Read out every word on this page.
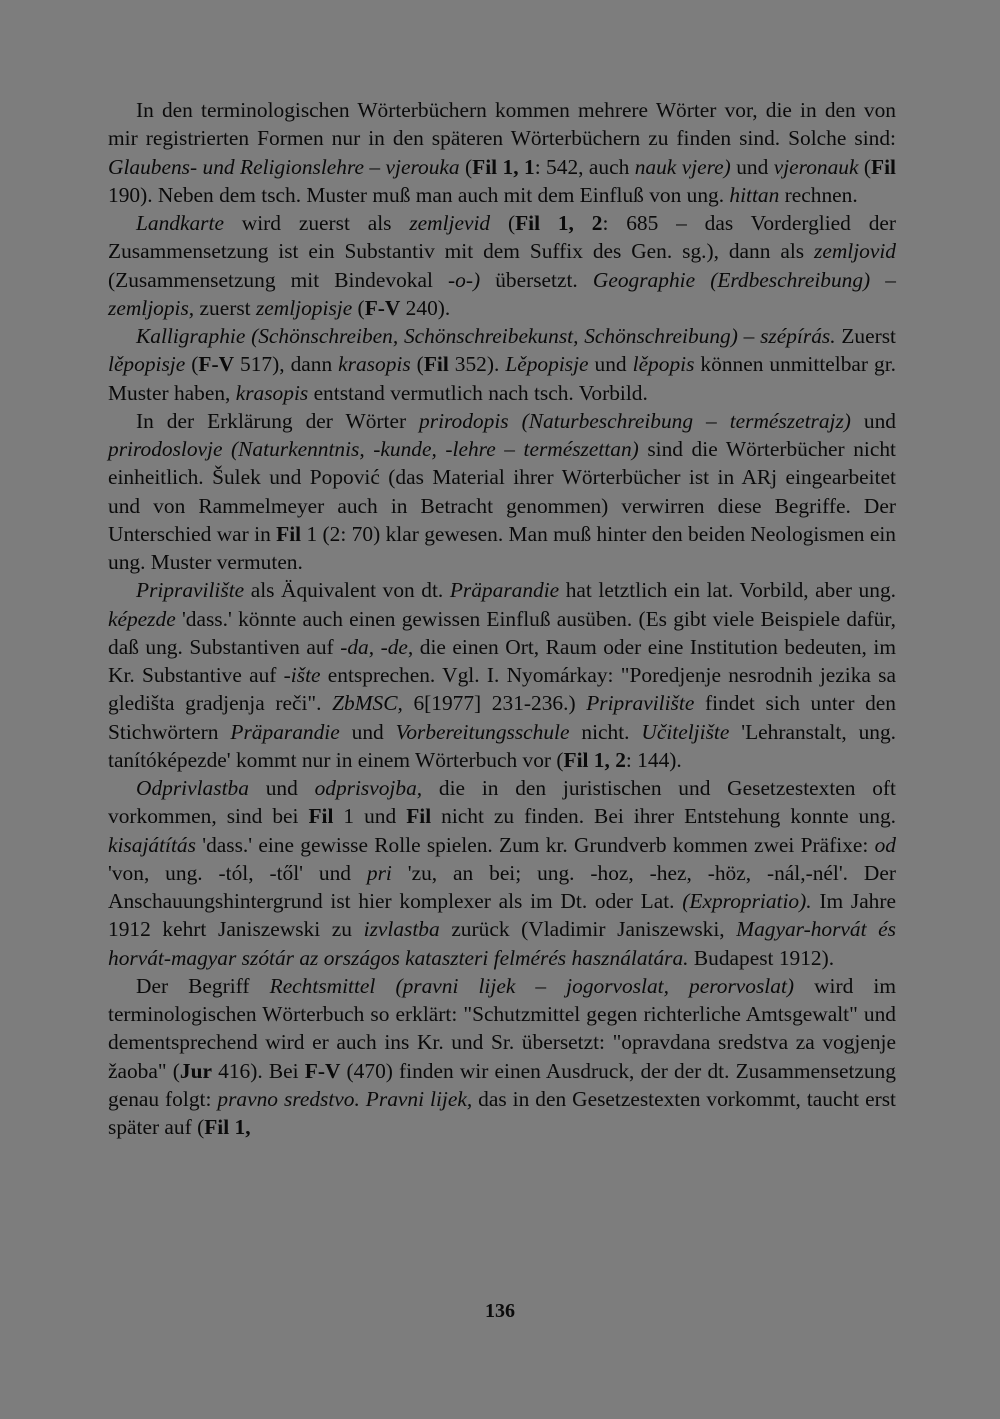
In den terminologischen Wörterbüchern kommen mehrere Wörter vor, die in den von mir registrierten Formen nur in den späteren Wörterbüchern zu finden sind. Solche sind: Glaubens- und Religionslehre – vjerouka (Fil 1, 1: 542, auch nauk vjere) und vjeronauk (Fil 190). Neben dem tsch. Muster muß man auch mit dem Einfluß von ung. hittan rechnen.

Landkarte wird zuerst als zemljevid (Fil 1, 2: 685 – das Vorderglied der Zusammensetzung ist ein Substantiv mit dem Suffix des Gen. sg.), dann als zemljovid (Zusammensetzung mit Bindevokal -o-) übersetzt. Geographie (Erdbeschreibung) – zemljopis, zuerst zemljopisje (F-V 240).

Kalligraphie (Schönschreiben, Schönschreibekunst, Schönschreibung) – szépírás. Zuerst lěpopisje (F-V 517), dann krasopis (Fil 352). Lěpopisje und lěpopis können unmittelbar gr. Muster haben, krasopis entstand vermutlich nach tsch. Vorbild.

In der Erklärung der Wörter prirodopis (Naturbeschreibung – természetrajz) und prirodoslovje (Naturkenntnis, -kunde, -lehre – természettan) sind die Wörterbücher nicht einheitlich. Šulek und Popović (das Material ihrer Wörterbücher ist in ARj eingearbeitet und von Rammelmeyer auch in Betracht genommen) verwirren diese Begriffe. Der Unterschied war in Fil 1 (2: 70) klar gewesen. Man muß hinter den beiden Neologismen ein ung. Muster vermuten.

Pripravilište als Äquivalent von dt. Präparandie hat letztlich ein lat. Vorbild, aber ung. képezde 'dass.' könnte auch einen gewissen Einfluß ausüben. (Es gibt viele Beispiele dafür, daß ung. Substantiven auf -da, -de, die einen Ort, Raum oder eine Institution bedeuten, im Kr. Substantive auf -ište entsprechen. Vgl. I. Nyomárkay: "Poredjenje nesrodnih jezika sa gledišta gradjenja reči". ZbMSC, 6[1977] 231-236.) Pripravilište findet sich unter den Stichwörtern Präparandie und Vorbereitungsschule nicht. Učiteljište 'Lehranstalt, ung. tanítóképezde' kommt nur in einem Wörterbuch vor (Fil 1, 2: 144).

Odprivlastba und odprisvojba, die in den juristischen und Gesetzestexten oft vorkommen, sind bei Fil 1 und Fil nicht zu finden. Bei ihrer Entstehung konnte ung. kisajátítás 'dass.' eine gewisse Rolle spielen. Zum kr. Grundverb kommen zwei Präfixe: od 'von, ung. -tól, -től' und pri 'zu, an bei; ung. -hoz, -hez, -höz, -nál,-nél'. Der Anschauungshintergrund ist hier komplexer als im Dt. oder Lat. (Expropriatio). Im Jahre 1912 kehrt Janiszewski zu izvlastba zurück (Vladimir Janiszewski, Magyar-horvát és horvát-magyar szótár az országos kataszteri felmérés használatára. Budapest 1912).

Der Begriff Rechtsmittel (pravni lijek – jogorvoslat, perorvoslat) wird im terminologischen Wörterbuch so erklärt: "Schutzmittel gegen richterliche Amtsgewalt" und dementsprechend wird er auch ins Kr. und Sr. übersetzt: "opravdana sredstva za vogjenje žaoba" (Jur 416). Bei F-V (470) finden wir einen Ausdruck, der der dt. Zusammensetzung genau folgt: pravno sredstvo. Pravni lijek, das in den Gesetzestexten vorkommt, taucht erst später auf (Fil 1,

136
